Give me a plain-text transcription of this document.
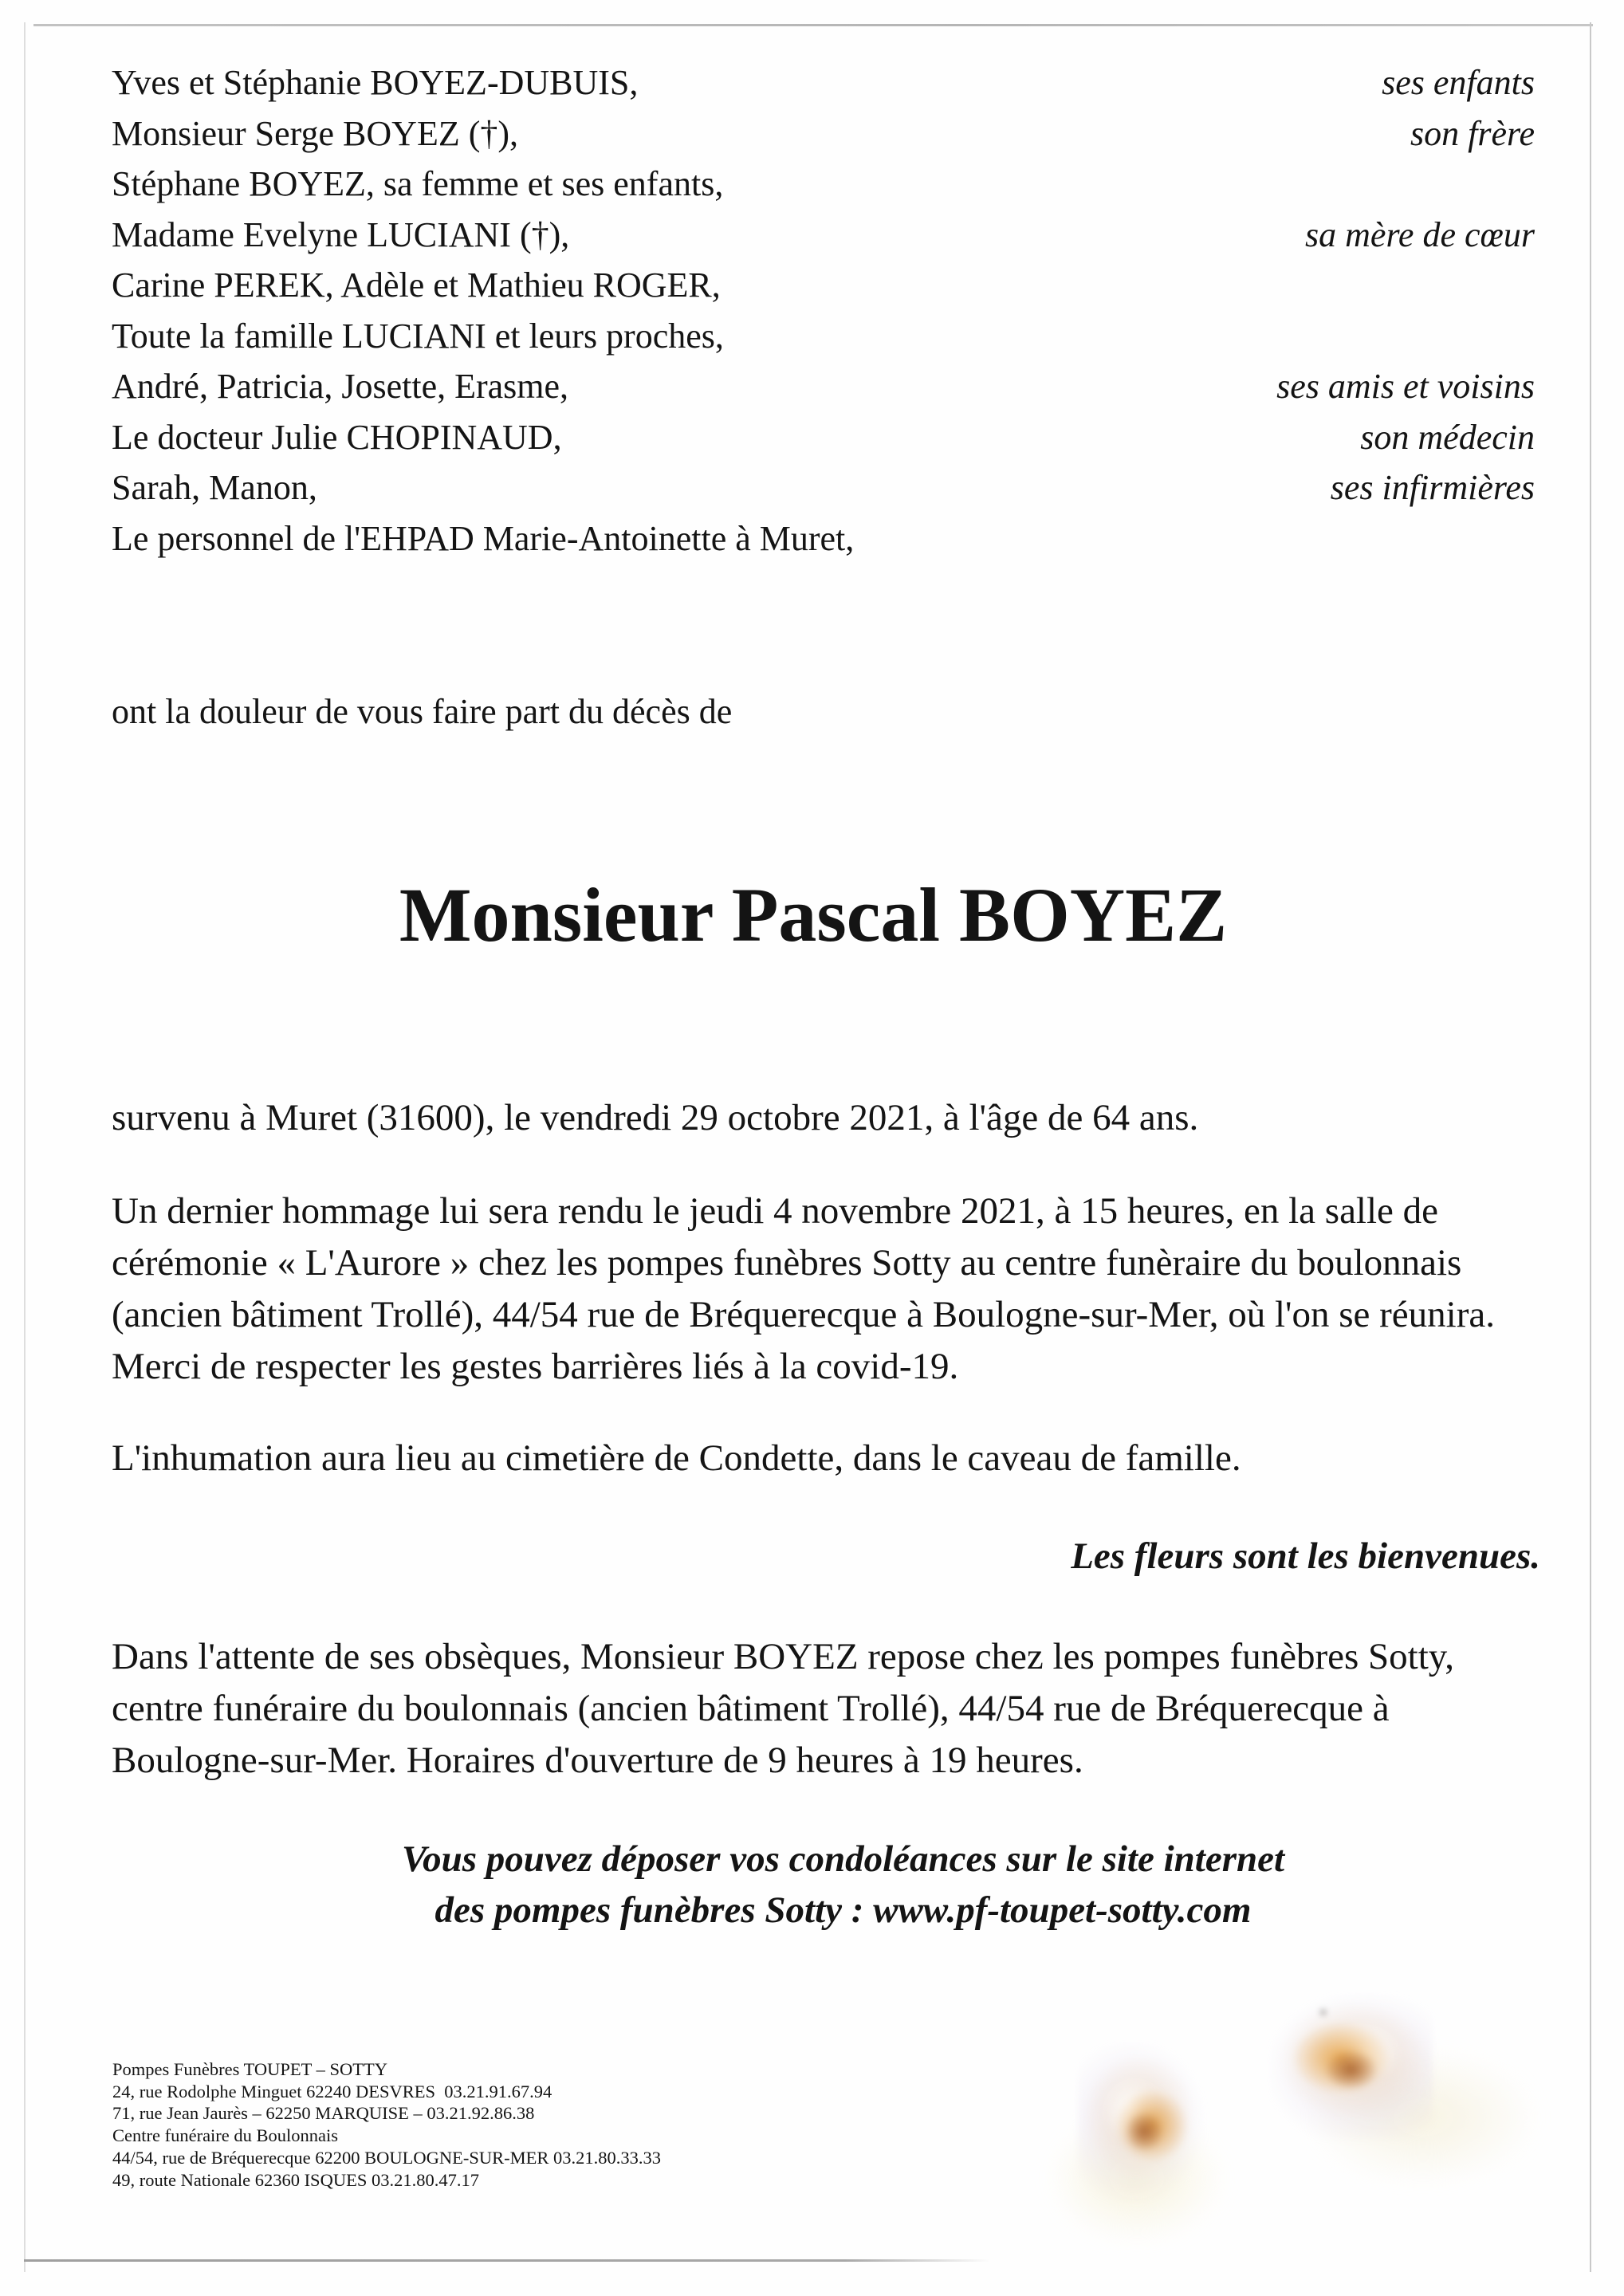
Yves et Stéphanie BOYEZ-DUBUIS,	ses enfants
Monsieur Serge BOYEZ (†),	son frère
Stéphane BOYEZ, sa femme et ses enfants,
Madame Evelyne LUCIANI (†),	sa mère de cœur
Carine PEREK, Adèle et Mathieu ROGER,
Toute la famille LUCIANI et leurs proches,
André, Patricia, Josette, Erasme,	ses amis et voisins
Le docteur Julie CHOPINAUD,	son médecin
Sarah, Manon,	ses infirmières
Le personnel de l'EHPAD Marie-Antoinette à Muret,
ont la douleur de vous faire part du décès de
Monsieur Pascal BOYEZ
survenu à Muret (31600), le vendredi 29 octobre 2021, à l'âge de 64 ans.
Un dernier hommage lui sera rendu le jeudi 4 novembre 2021, à 15 heures, en la salle de
cérémonie « L'Aurore » chez les pompes funèbres Sotty au centre funèraire du boulonnais
(ancien bâtiment Trollé), 44/54 rue de Bréquerecque à Boulogne-sur-Mer, où l'on se réunira.
Merci de respecter les gestes barrières liés à la covid-19.
L'inhumation aura lieu au cimetière de Condette, dans le caveau de famille.
Les fleurs sont les bienvenues.
Dans l'attente de ses obsèques, Monsieur BOYEZ repose chez les pompes funèbres Sotty,
centre funéraire du boulonnais (ancien bâtiment Trollé), 44/54 rue de Bréquerecque à
Boulogne-sur-Mer. Horaires d'ouverture de 9 heures à 19 heures.
Vous pouvez déposer vos condoléances sur le site internet
des pompes funèbres Sotty : www.pf-toupet-sotty.com
Pompes Funèbres TOUPET – SOTTY
24, rue Rodolphe Minguet 62240 DESVRES  03.21.91.67.94
71, rue Jean Jaurès – 62250 MARQUISE – 03.21.92.86.38
Centre funéraire du Boulonnais
44/54, rue de Bréquerecque 62200 BOULOGNE-SUR-MER 03.21.80.33.33
49, route Nationale 62360 ISQUES 03.21.80.47.17
